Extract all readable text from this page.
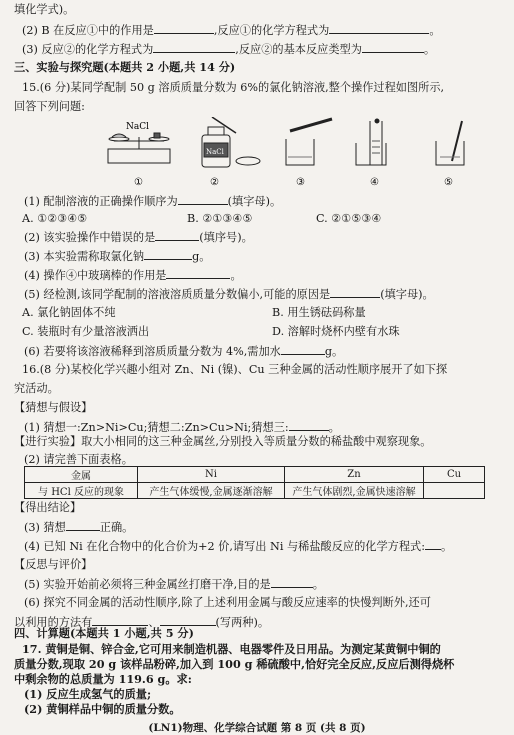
填化学式)。
(2) B 在反应①中的作用是	,反应①的化学方程式为	。
(3) 反应②的化学方程式为	,反应②的基本反应类型为	。
三、实验与探究题(本题共 2 小题,共 14 分)
15.(6 分)某同学配制 50 g 溶质质量分数为 6%的氯化钠溶液,整个操作过程如图所示,
回答下列问题:
NaCl
NaCl
①	②	③	④	⑤
(1) 配制溶液的正确操作顺序为	(填字母)。
A. ①②③④⑤	B. ②①③④⑤	C. ②①⑤③④
(2) 该实验操作中错误的是	(填序号)。
(3) 本实验需称取氯化钠	g。
(4) 操作④中玻璃棒的作用是	。
(5) 经检测,该同学配制的溶液溶质质量分数偏小,可能的原因是	(填字母)。
A. 氯化钠固体不纯	B. 用生锈砝码称量
C. 装瓶时有少量溶液洒出	D. 溶解时烧杯内壁有水珠
(6) 若要将该溶液稀释到溶质质量分数为 4%,需加水	g。
16.(8 分)某校化学兴趣小组对 Zn、Ni (镍)、Cu 三种金属的活动性顺序展开了如下探
究活动。
【猜想与假设】
(1) 猜想一:Zn>Ni>Cu;猜想二:Zn>Cu>Ni;猜想三:	。
【进行实验】取大小相同的这三种金属丝,分别投入等质量分数的稀盐酸中观察现象。
金属	Ni	Zn	Cu
与 HCl 反应的现象	产生气体缓慢,金属逐渐溶解	产生气体剧烈,金属快速溶解	
(2) 请完善下面表格。
【得出结论】
(3) 猜想	正确。
(4) 已知 Ni 在化合物中的化合价为+2 价,请写出 Ni 与稀盐酸反应的化学方程式: 。
【反思与评价】
(5) 实验开始前必须将三种金属丝打磨干净,目的是	。
(6) 探究不同金属的活动性顺序,除了上述利用金属与酸反应速率的快慢判断外,还可
以利用的方法有	、	(写两种)。
四、计算题(本题共 1 小题,共 5 分)
17. 黄铜是铜、锌合金,它可用来制造机器、电器零件及日用品。为测定某黄铜中铜的
质量分数,现取 20 g 该样品粉碎,加入到 100 g 稀硫酸中,恰好完全反应,反应后测得烧杯
(LN1)物理、化学综合试题 第 8 页 (共 8 页)
中剩余物的总质量为 119.6 g。求:
(1) 反应生成氢气的质量;
(2) 黄铜样品中铜的质量分数。
